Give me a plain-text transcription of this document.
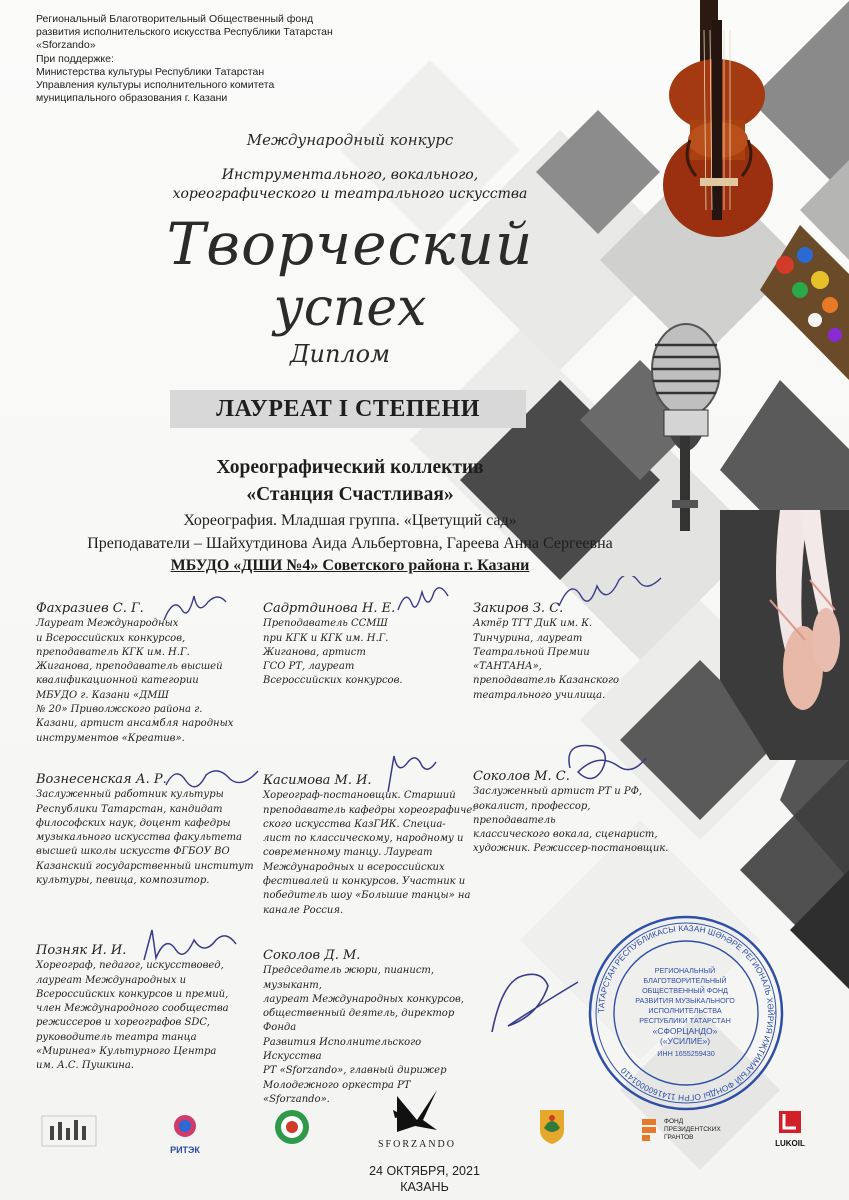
Региональный Благотворительный Общественный фонд
развития исполнительского искусства Республики Татарстан
«Sforzando»
При поддержке:
Министерства культуры Республики Татарстан
Управления культуры исполнительного комитета
муниципального образования г. Казани
Международный конкурс
Инструментального, вокального,
хореографического и театрального искусства
Творческий
успех
Диплом
ЛАУРЕАТ I СТЕПЕНИ
Хореографический коллектив
«Станция Счастливая»
Хореография. Младшая группа. «Цветущий сад»
Преподаватели – Шайхутдинова Аида Альбертовна, Гареева Анна Сергеевна
МБУДО «ДШИ №4» Советского района г. Казани
Фахразиев С. Г.
Лауреат Международных
и Всероссийских конкурсов,
преподаватель КГК им. Н.Г.
Жиганова, преподаватель высшей
квалификационной категории
МБУДО г. Казани «ДМШ
№ 20» Приволжского района г.
Казани, артист ансамбля народных
инструментов «Креатив».
Садртдинова Н. Е.
Преподаватель ССМШ
при КГК и КГК им. Н.Г.
Жиганова, артист
ГСО РТ, лауреат
Всероссийских конкурсов.
Закиров З. С.
Актёр ТГТ ДиК им. К.
Тинчурина, лауреат
Театральной Премии
«ТАНТАНА»,
преподаватель Казанского
театрального училища.
Вознесенская А. Р.
Заслуженный работник культуры
Республики Татарстан, кандидат
философских наук, доцент кафедры
музыкального искусства факультета
высшей школы искусств ФГБОУ ВО
Казанский государственный институт
культуры, певица, композитор.
Касимова М. И.
Хореограф-постановщик. Старший
преподаватель кафедры хореографиче-
ского искусства КазГИК. Специа-
лист по классическому, народному и
современному танцу. Лауреат
Международных и всероссийских
фестивалей и конкурсов. Участник и
победитель шоу «Большие танцы» на
канале Россия.
Соколов М. С.
Заслуженный артист РТ и РФ,
вокалист, профессор, преподаватель
классического вокала, сценарист,
художник. Режиссер-постановщик.
Позняк И. И.
Хореограф, педагог, искусствовед,
лауреат Международных и
Всероссийских конкурсов и премий,
член Международного сообщества
режиссеров и хореографов SDC,
руководитель театра танца
«Миринеа» Культурного Центра
им. А.С. Пушкина.
Соколов Д. М.
Председатель жюри, пианист, музыкант,
лауреат Международных конкурсов,
общественный деятель, директор Фонда
Развития Исполнительского Искусства
РТ «Sforzando», главный дирижер
Молодежного оркестра РТ «Sforzando».
ТАТАРСТАН РЕСПУБЛИКАСЫ КАЗАН ШӘҺӘРЕ РЕГИОНАЛЬ ХӘЙРИЯ ИҖТИМАГЫЙ ФОНДЫ ОГРН 1141600001410
РЕГИОНАЛЬНЫЙ БЛАГОТВОРИТЕЛЬНЫЙ ОБЩЕСТВЕННЫЙ ФОНД РАЗВИТИЯ МУЗЫКАЛЬНОГО ИСПОЛНИТЕЛЬСТВА РЕСПУБЛИКИ ТАТАРСТАН «СФОРЦАНДО» («УСИЛИЕ») ИНН 1655259430
РИТЭК	SFORZANDO
ФОНД
ПРЕЗИДЕНТСКИХ
ГРАНТОВ
LUKOIL
24 ОКТЯБРЯ, 2021
КАЗАНЬ
